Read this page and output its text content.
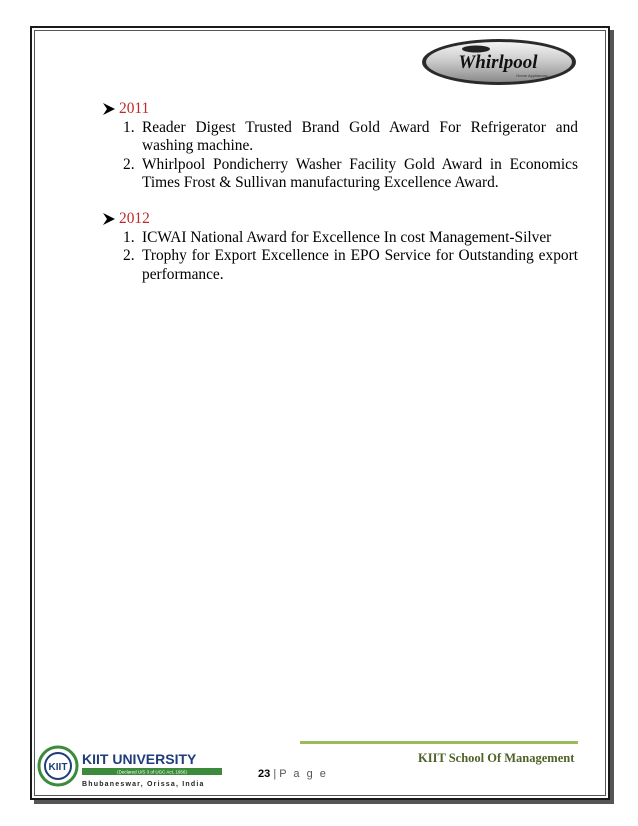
Whirlpool
Home Appliances
2011
1. Reader Digest Trusted Brand Gold Award For Refrigerator and washing machine.
2. Whirlpool Pondicherry Washer Facility Gold Award in Economics Times Frost & Sullivan manufacturing Excellence Award.
2012
1. ICWAI National Award for Excellence In cost Management-Silver
2. Trophy for Export Excellence in EPO Service for Outstanding export performance.
KIIT School Of Management
23 | P a g e
KIIT
KIIT UNIVERSITY
(Declared U/S 3 of UGC Act, 1956)
Bhubaneswar, Orissa, India
